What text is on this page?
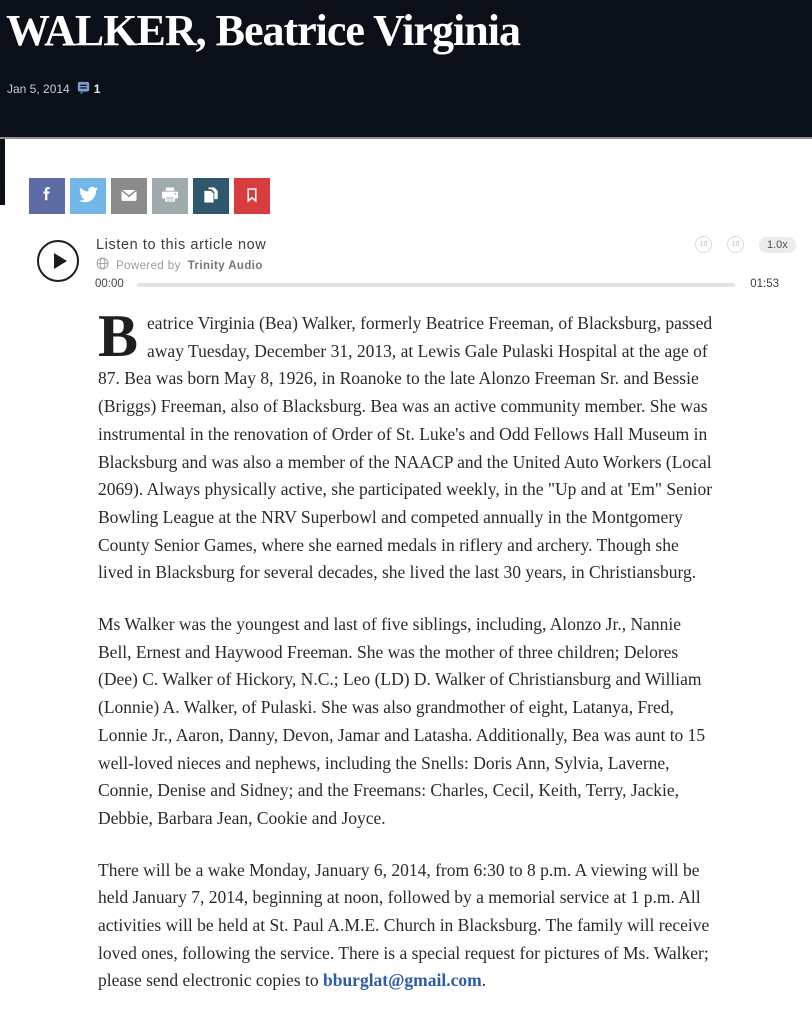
WALKER, Beatrice Virginia
Jan 5, 2014 1
Listen to this article now
Powered by Trinity Audio
10	10	1.0x
00:00	01:53

Beatrice Virginia (Bea) Walker, formerly Beatrice Freeman, of Blacksburg, passed away Tuesday, December 31, 2013, at Lewis Gale Pulaski Hospital at the age of 87. Bea was born May 8, 1926, in Roanoke to the late Alonzo Freeman Sr. and Bessie (Briggs) Freeman, also of Blacksburg. Bea was an active community member. She was instrumental in the renovation of Order of St. Luke's and Odd Fellows Hall Museum in Blacksburg and was also a member of the NAACP and the United Auto Workers (Local 2069). Always physically active, she participated weekly, in the "Up and at 'Em" Senior Bowling League at the NRV Superbowl and competed annually in the Montgomery County Senior Games, where she earned medals in riflery and archery. Though she lived in Blacksburg for several decades, she lived the last 30 years, in Christiansburg.

Ms Walker was the youngest and last of five siblings, including, Alonzo Jr., Nannie Bell, Ernest and Haywood Freeman. She was the mother of three children; Delores (Dee) C. Walker of Hickory, N.C.; Leo (LD) D. Walker of Christiansburg and William (Lonnie) A. Walker, of Pulaski. She was also grandmother of eight, Latanya, Fred, Lonnie Jr., Aaron, Danny, Devon, Jamar and Latasha. Additionally, Bea was aunt to 15 well-loved nieces and nephews, including the Snells: Doris Ann, Sylvia, Laverne, Connie, Denise and Sidney; and the Freemans: Charles, Cecil, Keith, Terry, Jackie, Debbie, Barbara Jean, Cookie and Joyce.

There will be a wake Monday, January 6, 2014, from 6:30 to 8 p.m. A viewing will be held January 7, 2014, beginning at noon, followed by a memorial service at 1 p.m. All activities will be held at St. Paul A.M.E. Church in Blacksburg. The family will receive loved ones, following the service. There is a special request for pictures of Ms. Walker; please send electronic copies to bburglat@gmail.com.
